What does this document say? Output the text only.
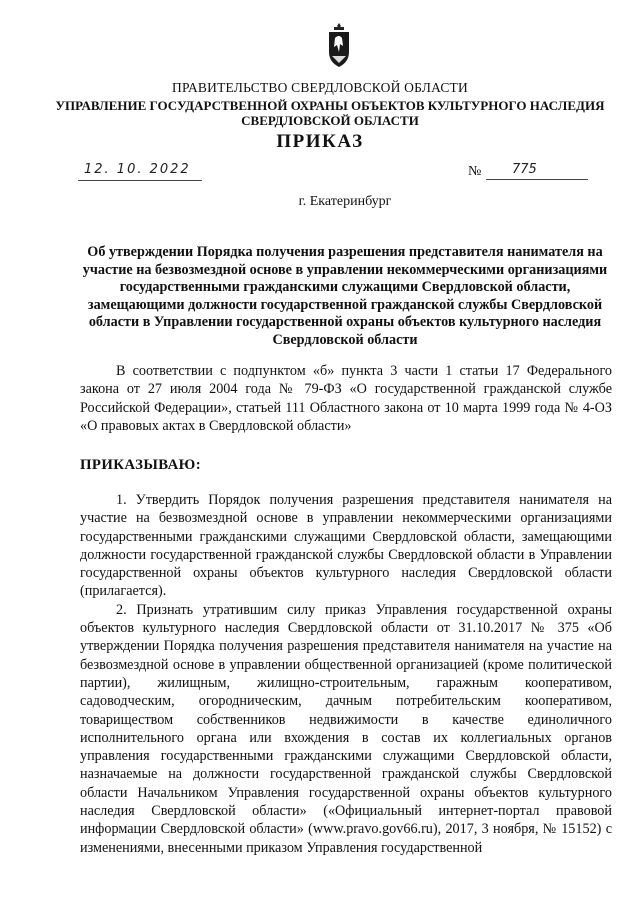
ПРАВИТЕЛЬСТВО СВЕРДЛОВСКОЙ ОБЛАСТИ
УПРАВЛЕНИЕ ГОСУДАРСТВЕННОЙ ОХРАНЫ ОБЪЕКТОВ КУЛЬТУРНОГО НАСЛЕДИЯ СВЕРДЛОВСКОЙ ОБЛАСТИ
ПРИКАЗ
12. 10. 2022	№	775
г. Екатеринбург
Об утверждении Порядка получения разрешения представителя нанимателя на участие на безвозмездной основе в управлении некоммерческими организациями государственными гражданскими служащими Свердловской области, замещающими должности государственной гражданской службы Свердловской области в Управлении государственной охраны объектов культурного наследия Свердловской области
В соответствии с подпунктом «б» пункта 3 части 1 статьи 17 Федерального закона от 27 июля 2004 года № 79-ФЗ «О государственной гражданской службе Российской Федерации», статьей 111 Областного закона от 10 марта 1999 года № 4-ОЗ «О правовых актах в Свердловской области»
ПРИКАЗЫВАЮ:

1. Утвердить Порядок получения разрешения представителя нанимателя на участие на безвозмездной основе в управлении некоммерческими организациями государственными гражданскими служащими Свердловской области, замещающими должности государственной гражданской службы Свердловской области в Управлении государственной охраны объектов культурного наследия Свердловской области (прилагается).

2. Признать утратившим силу приказ Управления государственной охраны объектов культурного наследия Свердловской области от 31.10.2017 № 375 «Об утверждении Порядка получения разрешения представителя нанимателя на участие на безвозмездной основе в управлении общественной организацией (кроме политической партии), жилищным, жилищно-строительным, гаражным кооперативом, садоводческим, огородническим, дачным потребительским кооперативом, товариществом собственников недвижимости в качестве единоличного исполнительного органа или вхождения в состав их коллегиальных органов управления государственными гражданскими служащими Свердловской области, назначаемые на должности государственной гражданской службы Свердловской области Начальником Управления государственной охраны объектов культурного наследия Свердловской области» («Официальный интернет-портал правовой информации Свердловской области» (www.pravo.gov66.ru), 2017, 3 ноября, № 15152) с изменениями, внесенными приказом Управления государственной
